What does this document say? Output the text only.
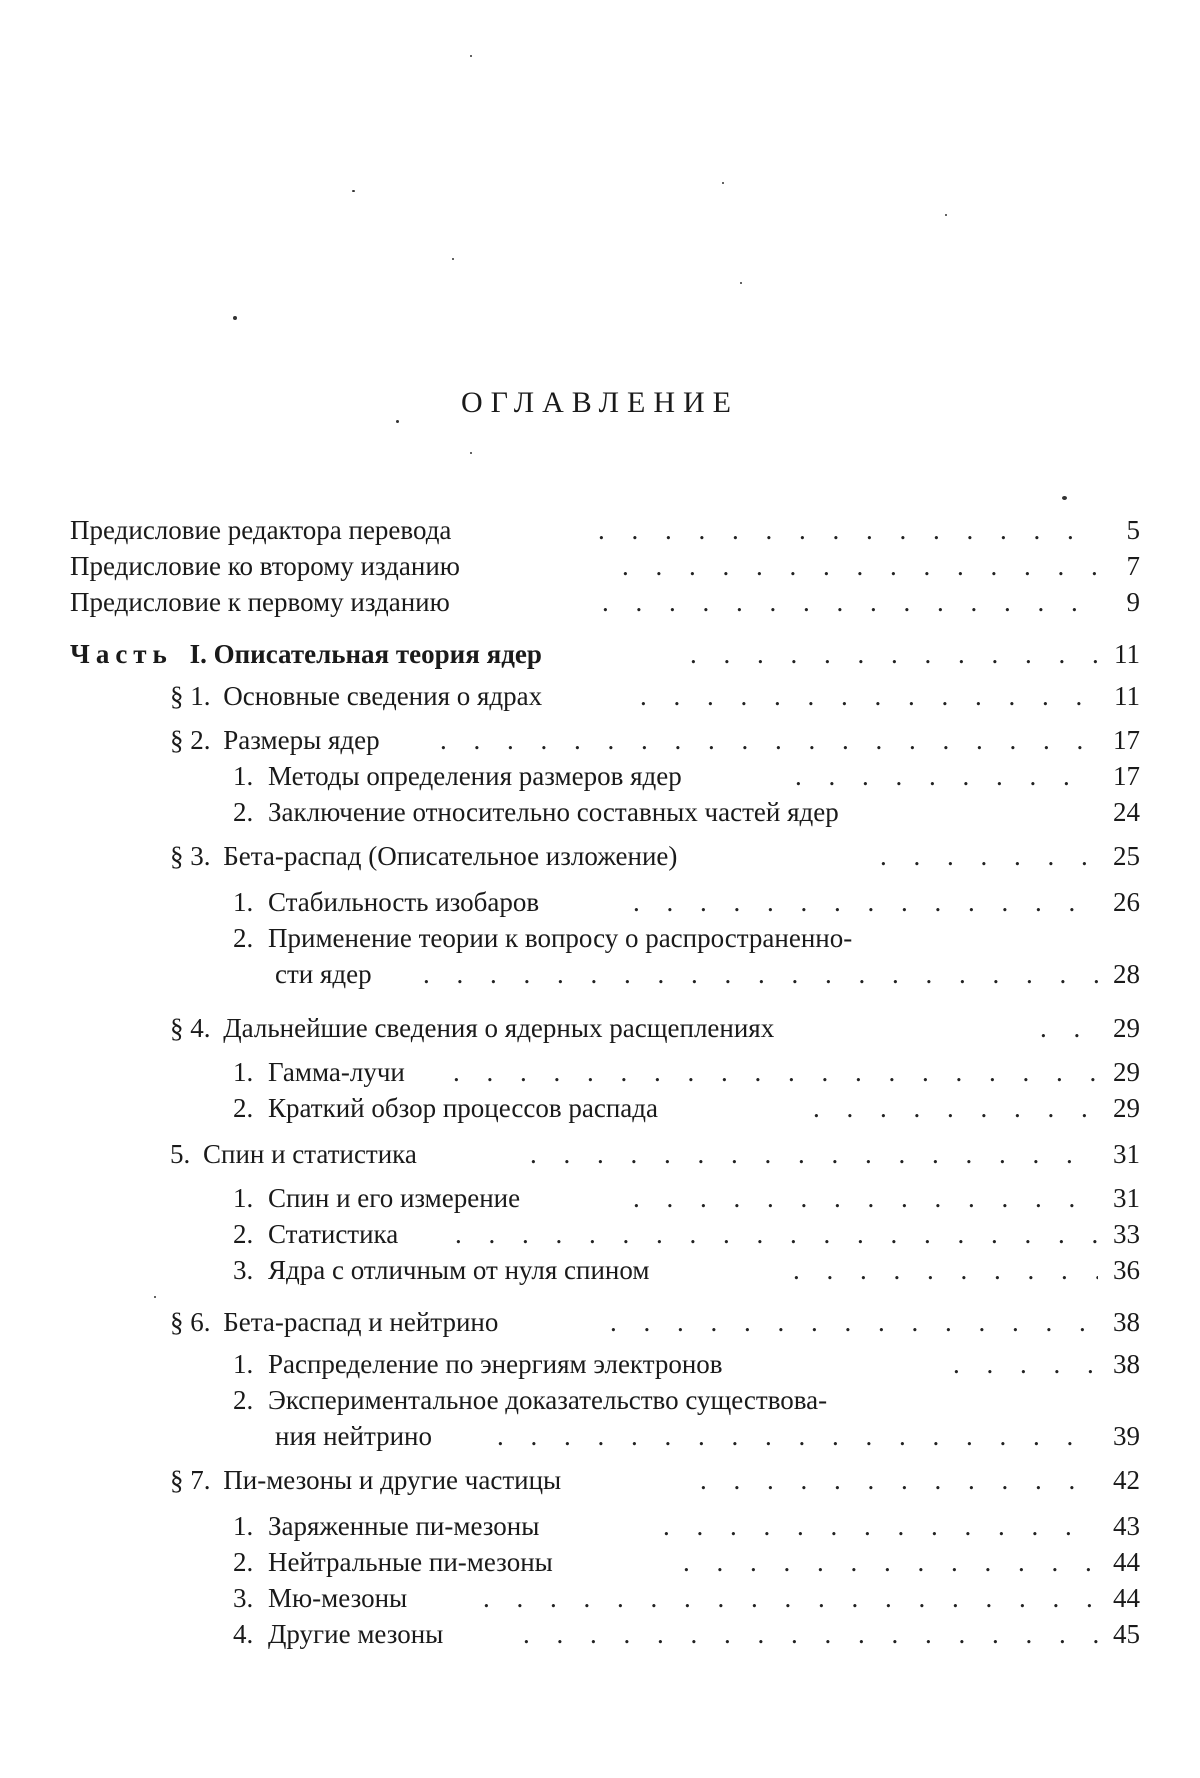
ОГЛАВЛЕНИЕ
Предисловие редактора перевода	. . . . . . . . . . . . . . .	5
Предисловие ко второму изданию	. . . . . . . . . . . . . .	7
Предисловие к первому изданию	. . . . . . . . . . . . . . .	9
Часть I. Описательная теория ядер	. . . . . . . . . . . .	11
§ 1. Основные сведения о ядрах	. . . . . . . . . . . . . . 11
§ 2. Размеры ядер . . . . . . . . . . . . . . . . . . . . 17
1. Методы определения размеров ядер	. . . . . . . . .	17
2. Заключение относительно составных частей ядер	24
§ 3. Бета-распад (Описательное изложение)	. . . . . . . 25
1. Стабильность изобаров	. . . . . . . . . . . . . .	26
2. Применение теории к вопросу о распространенно-
сти ядер . . . . . . . . . . . . . . . . . . . .	28
§ 4. Дальнейшие сведения о ядерных расщеплениях	. . 29
1. Гамма-лучи . . . . . . . . . . . . . . . . . . .	29
2. Краткий обзор процессов распада	. . . . . . . . . 29
5. Спин и статистика	. . . . . . . . . . . . . . . . .	31
1. Спин и его измерение	. . . . . . . . . . . . . .	31
2. Статистика . . . . . . . . . . . . . . . . . . .	33
3. Ядра с отличным от нуля спином	. . . . . . . . .	36
§ 6. Бета-распад и нейтрино	. . . . . . . . . . . . . . . 38
1. Распределение по энергиям электронов	. . . .	38
2. Экспериментальное доказательство существова-
ния нейтрино . . . . . . . . . . . . . . . . . .	39
§ 7. Пи-мезоны и другие частицы	. . . . . . . . . . . .	42
1. Заряженные пи-мезоны	. . . . . . . . . . . . .	43
2. Нейтральные пи-мезоны	. . . . . . . . . . . .	44
3. Мю-мезоны	. . . . . . . . . . . . . . . . . .	44
4. Другие мезоны	. . . . . . . . . . . . . . . . .	45
